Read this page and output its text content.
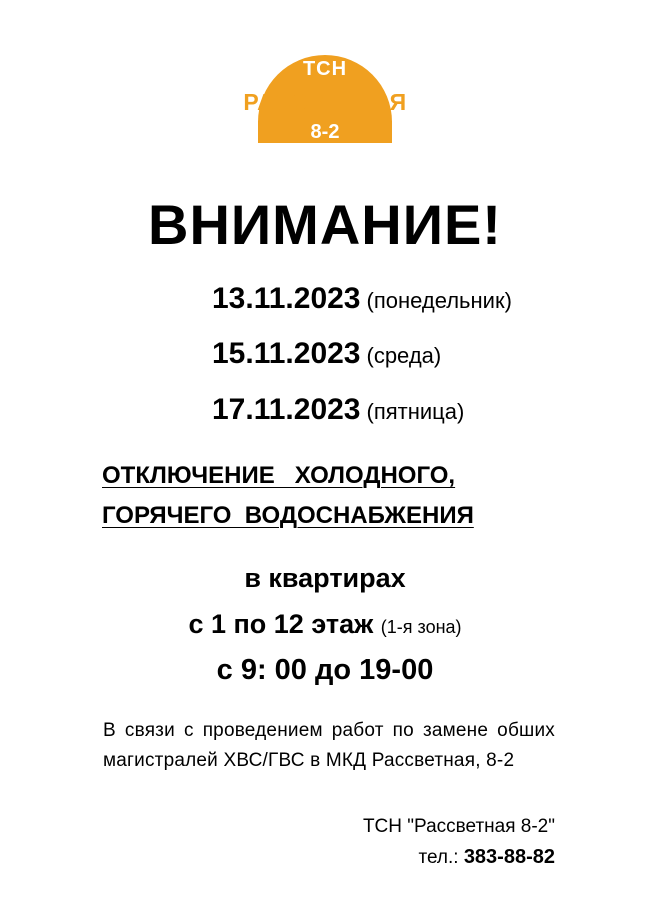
ТСН
РАССВЕТНАЯ
8-2
ВНИМАНИЕ!
13.11.2023 (понедельник)
15.11.2023 (среда)
17.11.2023 (пятница)
ОТКЛЮЧЕНИЕ   ХОЛОДНОГО,
ГОРЯЧЕГО  ВОДОСНАБЖЕНИЯ
в квартирах
с 1 по 12 этаж (1-я зона)
с 9: 00 до 19-00
В связи с проведением работ по замене обших магистралей ХВС/ГВС в МКД Рассветная, 8-2
ТСН "Рассветная 8-2"
тел.: 383-88-82
